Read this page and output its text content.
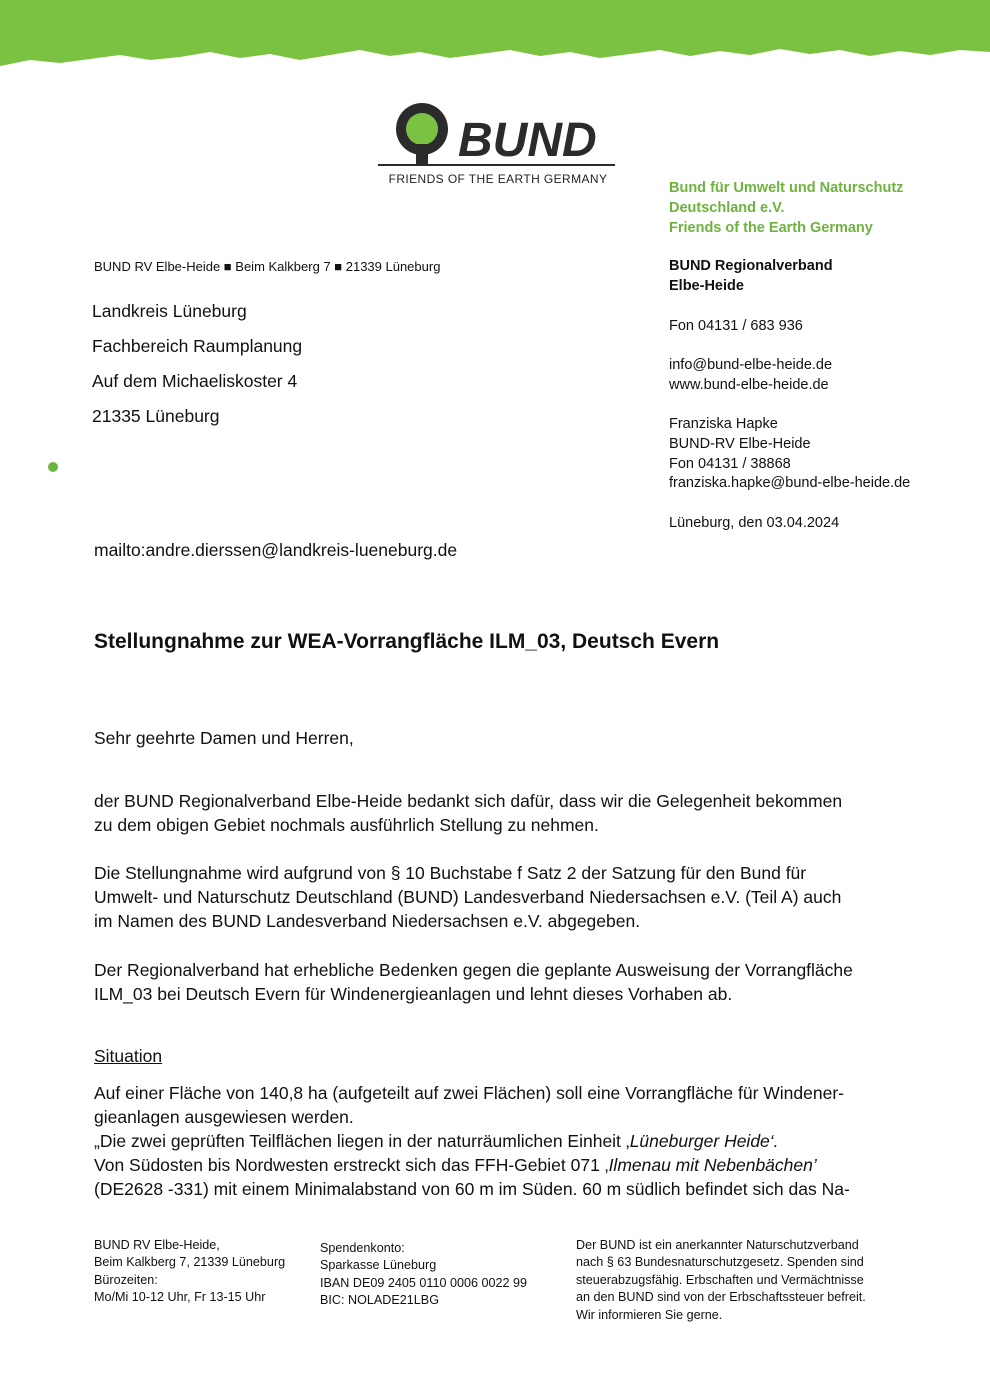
BUND
FRIENDS OF THE EARTH GERMANY
Bund für Umwelt und Naturschutz
Deutschland e.V.
Friends of the Earth Germany
BUND Regionalverband
Elbe-Heide
Fon 04131 / 683 936
info@bund-elbe-heide.de
www.bund-elbe-heide.de
Franziska Hapke
BUND-RV Elbe-Heide
Fon 04131 / 38868
franziska.hapke@bund-elbe-heide.de
Lüneburg, den 03.04.2024
BUND RV Elbe-Heide ■ Beim Kalkberg 7 ■ 21339 Lüneburg
Landkreis Lüneburg
Fachbereich Raumplanung
Auf dem Michaeliskoster 4
21335 Lüneburg
mailto:andre.dierssen@landkreis-lueneburg.de
Stellungnahme zur WEA-Vorrangfläche ILM_03, Deutsch Evern
Sehr geehrte Damen und Herren,

der BUND Regionalverband Elbe-Heide bedankt sich dafür, dass wir die Gelegenheit bekommen

zu dem obigen Gebiet nochmals ausführlich Stellung zu nehmen.

Die Stellungnahme wird aufgrund von § 10 Buchstabe f Satz 2 der Satzung für den Bund für

Umwelt- und Naturschutz Deutschland (BUND) Landesverband Niedersachsen e.V. (Teil A) auch

im Namen des BUND Landesverband Niedersachsen e.V. abgegeben.

Der Regionalverband hat erhebliche Bedenken gegen die geplante Ausweisung der Vorrangfläche

ILM_03 bei Deutsch Evern für Windenergieanlagen und lehnt dieses Vorhaben ab.

Situation

Auf einer Fläche von 140,8 ha (aufgeteilt auf zwei Flächen) soll eine Vorrangfläche für Windener-

gieanlagen ausgewiesen werden.

„Die zwei geprüften Teilflächen liegen in der naturräumlichen Einheit ‚Lüneburger Heide‘.

Von Südosten bis Nordwesten erstreckt sich das FFH-Gebiet 071 ‚Ilmenau mit Nebenbächen’

(DE2628 -331) mit einem Minimalabstand von 60 m im Süden. 60 m südlich befindet sich das Na-

BUND RV Elbe-Heide,
Beim Kalkberg 7, 21339 Lüneburg
Bürozeiten:
Mo/Mi 10-12 Uhr, Fr 13-15 Uhr
Spendenkonto:
Sparkasse Lüneburg
IBAN DE09 2405 0110 0006 0022 99
BIC: NOLADE21LBG
Der BUND ist ein anerkannter Naturschutzverband
nach § 63 Bundesnaturschutzgesetz. Spenden sind
steuerabzugsfähig. Erbschaften und Vermächtnisse
an den BUND sind von der Erbschaftssteuer befreit.
Wir informieren Sie gerne.
